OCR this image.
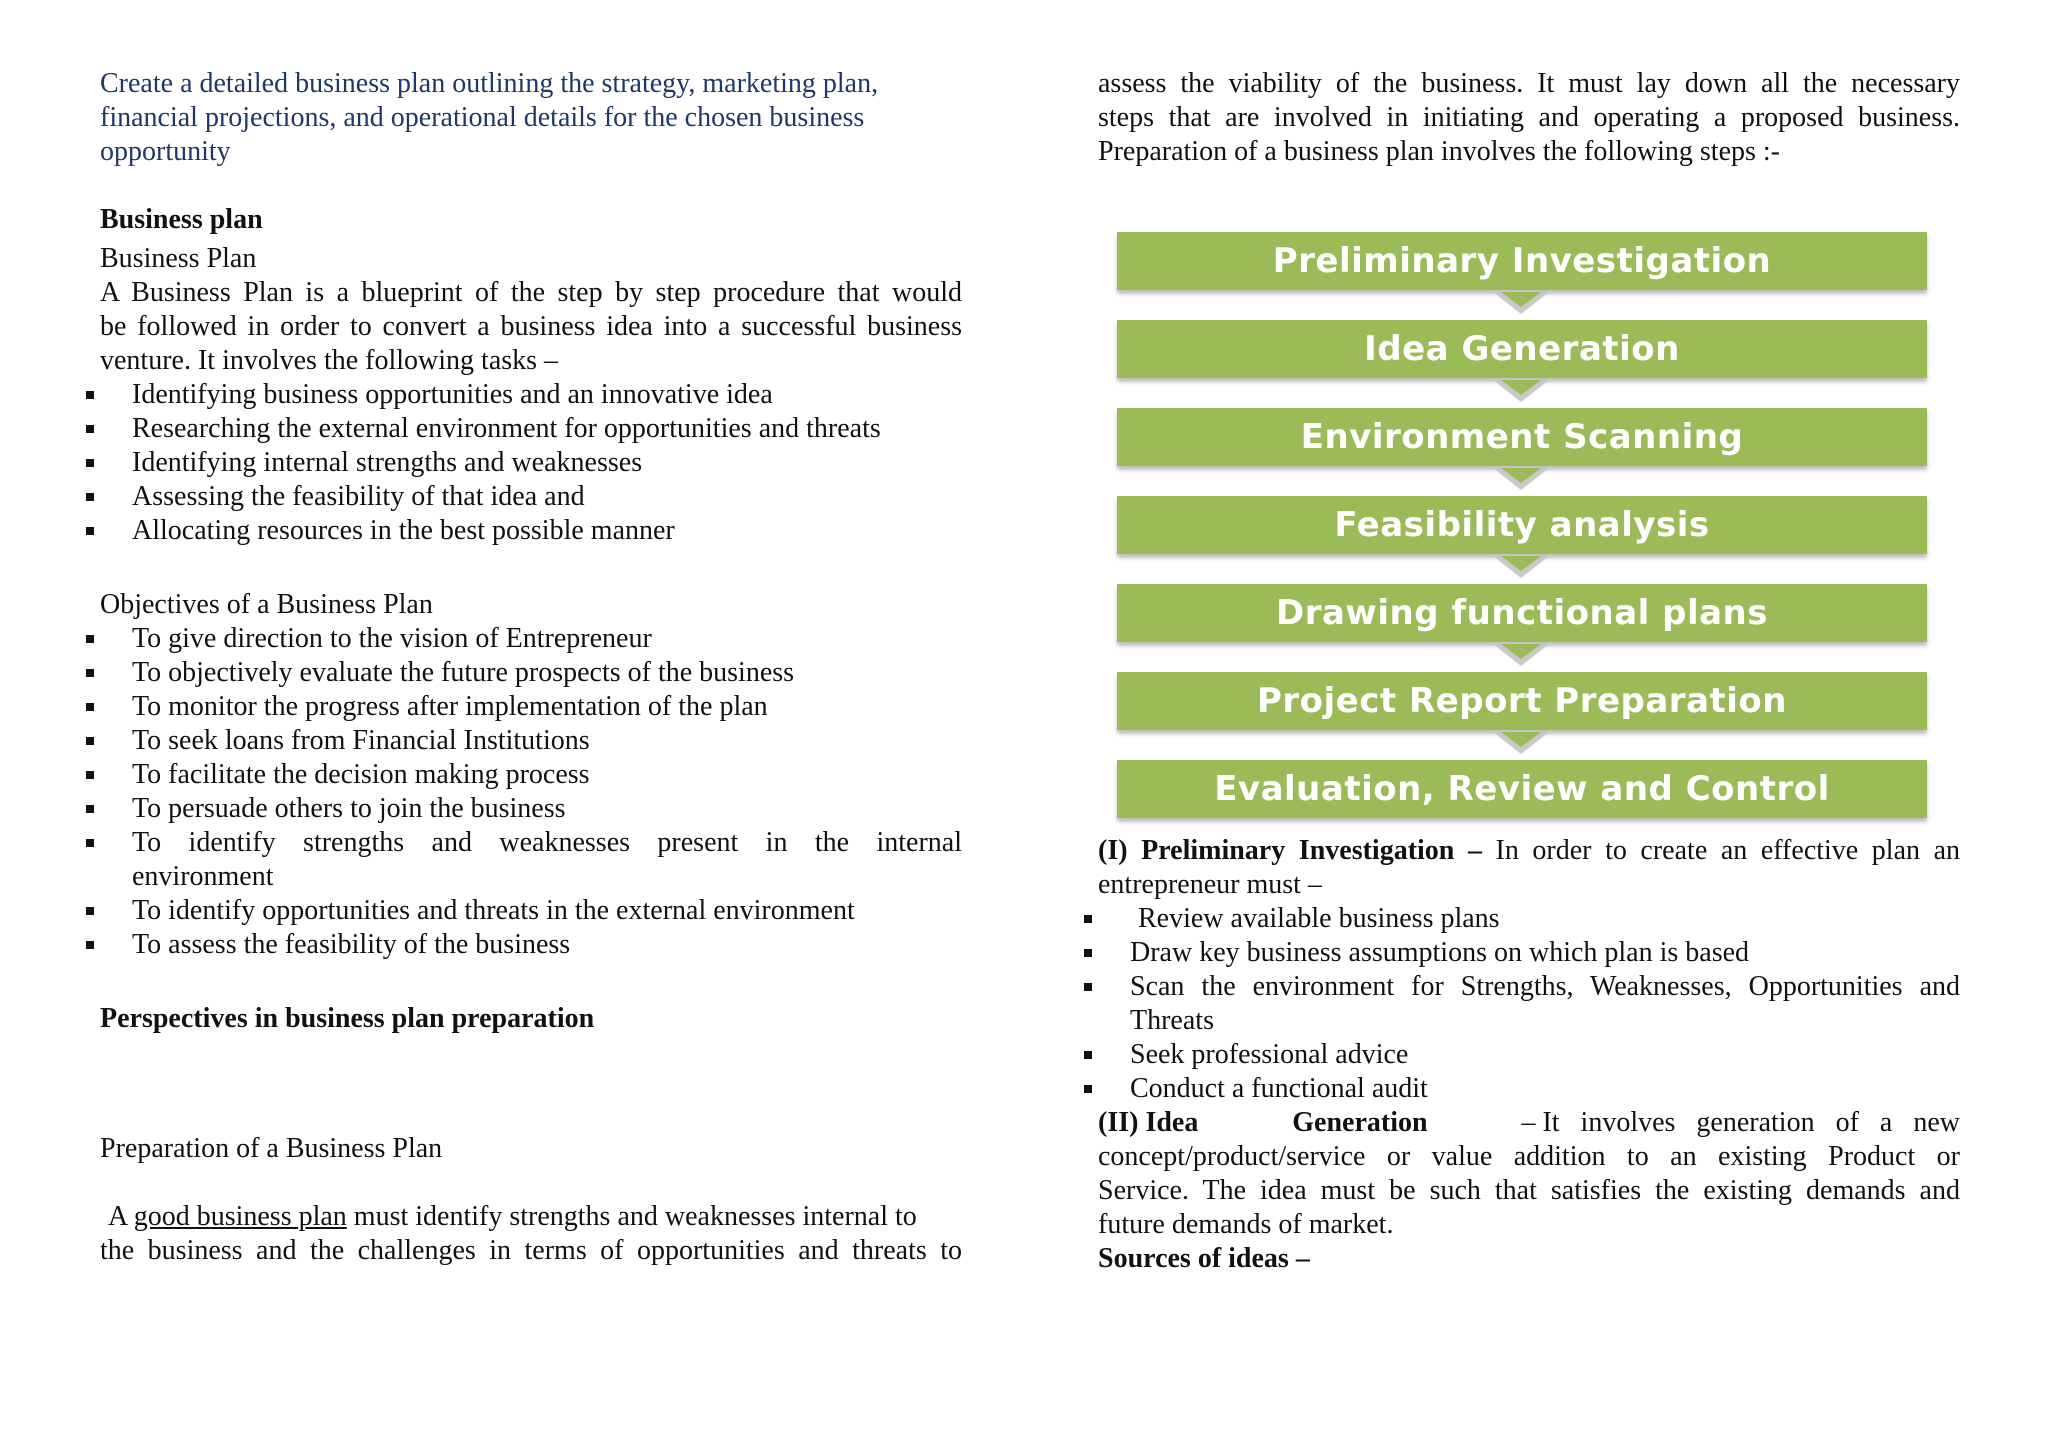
Create a detailed business plan outlining the strategy, marketing plan,
financial projections, and operational details for the chosen business
opportunity
Business plan
Business Plan
A Business Plan is a blueprint of the step by step procedure that would
be followed in order to convert a business idea into a successful business
venture. It involves the following tasks –
Identifying business opportunities and an innovative idea
Researching the external environment for opportunities and threats
Identifying internal strengths and weaknesses
Assessing the feasibility of that idea and
Allocating resources in the best possible manner
Objectives of a Business Plan
To give direction to the vision of Entrepreneur
To objectively evaluate the future prospects of the business
To monitor the progress after implementation of the plan
To seek loans from Financial Institutions
To facilitate the decision making process
To persuade others to join the business
To identify strengths and weaknesses present in the internal
environment
To identify opportunities and threats in the external environment
To assess the feasibility of the business
Perspectives in business plan preparation
Preparation of a Business Plan
A good business plan must identify strengths and weaknesses internal to
the business and the challenges in terms of opportunities and threats to
assess the viability of the business. It must lay down all the necessary
steps that are involved in initiating and operating a proposed business.
Preparation of a business plan involves the following steps :-
(I) Preliminary Investigation – In order to create an effective plan an
entrepreneur must –
Review available business plans
Draw key business assumptions on which plan is based
Scan the environment for Strengths, Weaknesses, Opportunities and
Threats
Seek professional advice
Conduct a functional audit
(II) Idea	Generation	– It   involves   generation   of   a   new
concept/product/service or value addition to an existing Product or
Service. The idea must be such that satisfies the existing demands and
future demands of market.
Sources of ideas –
Preliminary Investigation
Idea Generation
Environment Scanning
Feasibility analysis
Drawing functional plans
Project Report Preparation
Evaluation, Review and Control
